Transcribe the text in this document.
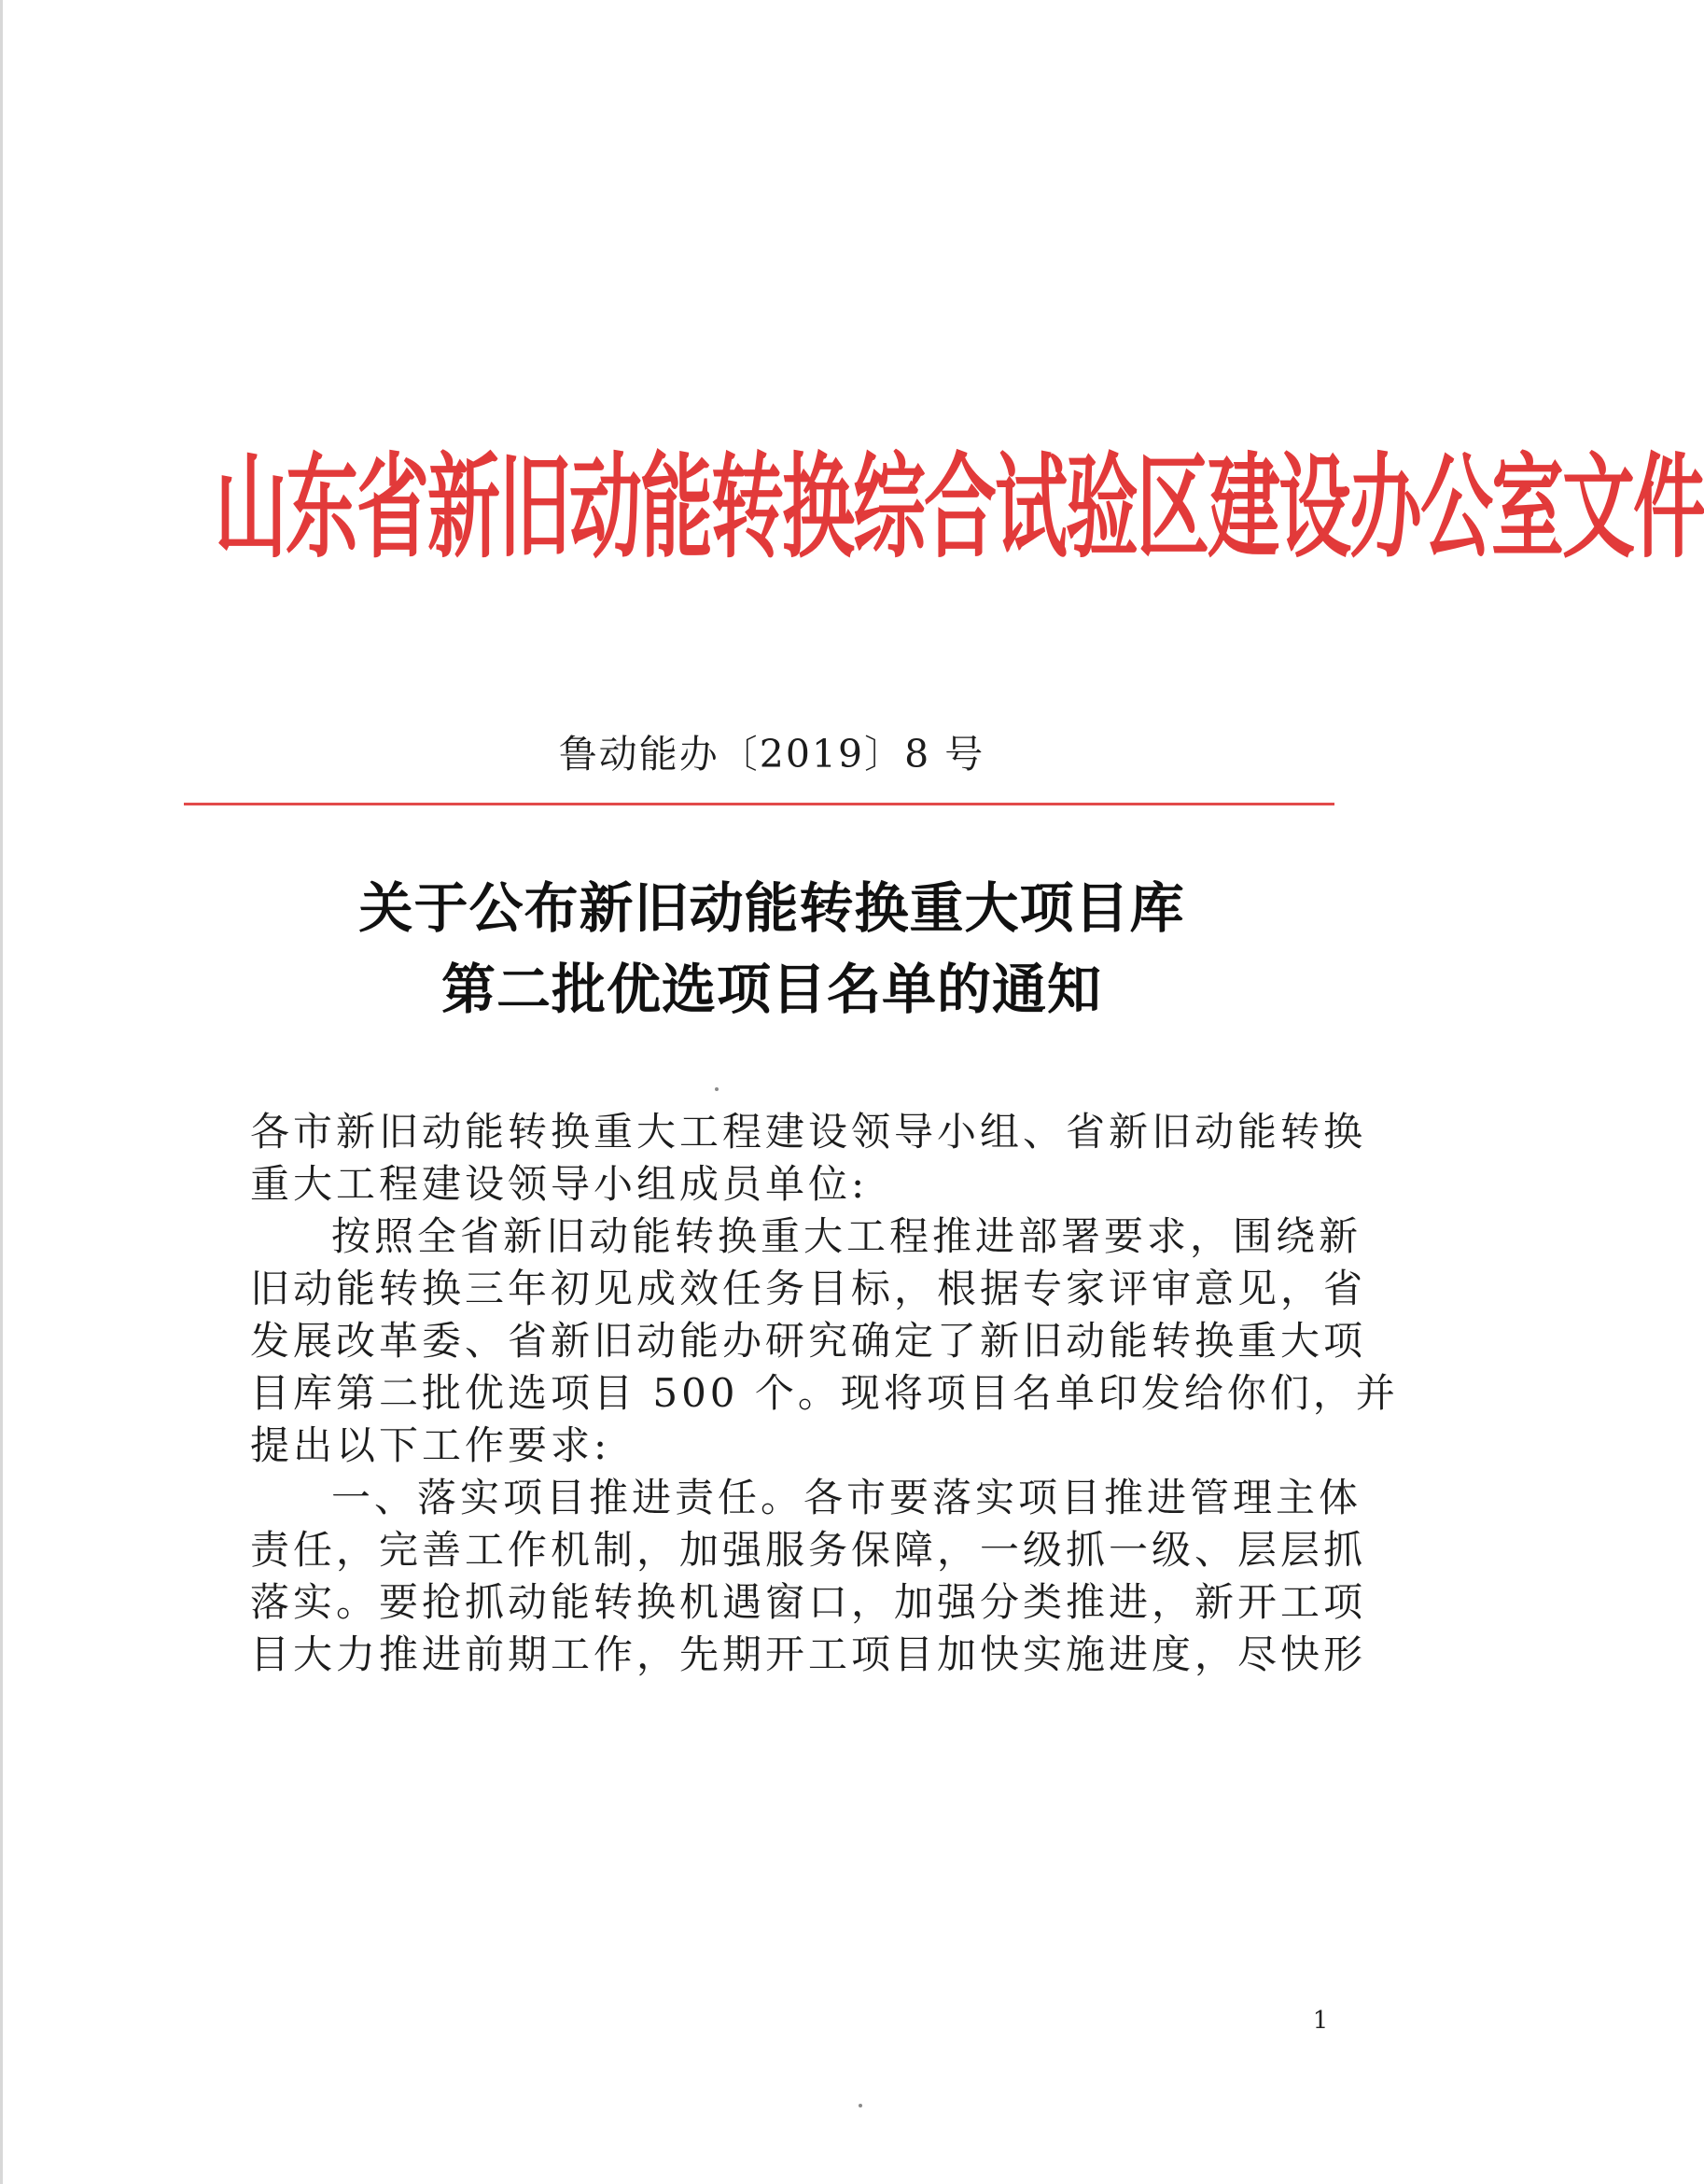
山东省新旧动能转换综合试验区建设办公室文件
鲁动能办〔2019〕8 号
关于公布新旧动能转换重大项目库
第二批优选项目名单的通知
各市新旧动能转换重大工程建设领导小组、省新旧动能转换
重大工程建设领导小组成员单位:
按照全省新旧动能转换重大工程推进部署要求，围绕新
旧动能转换三年初见成效任务目标，根据专家评审意见，省
发展改革委、省新旧动能办研究确定了新旧动能转换重大项
目库第二批优选项目 500 个。现将项目名单印发给你们，并
提出以下工作要求:
一、落实项目推进责任。各市要落实项目推进管理主体
责任，完善工作机制，加强服务保障，一级抓一级、层层抓
落实。要抢抓动能转换机遇窗口，加强分类推进，新开工项
目大力推进前期工作，先期开工项目加快实施进度，尽快形
1
